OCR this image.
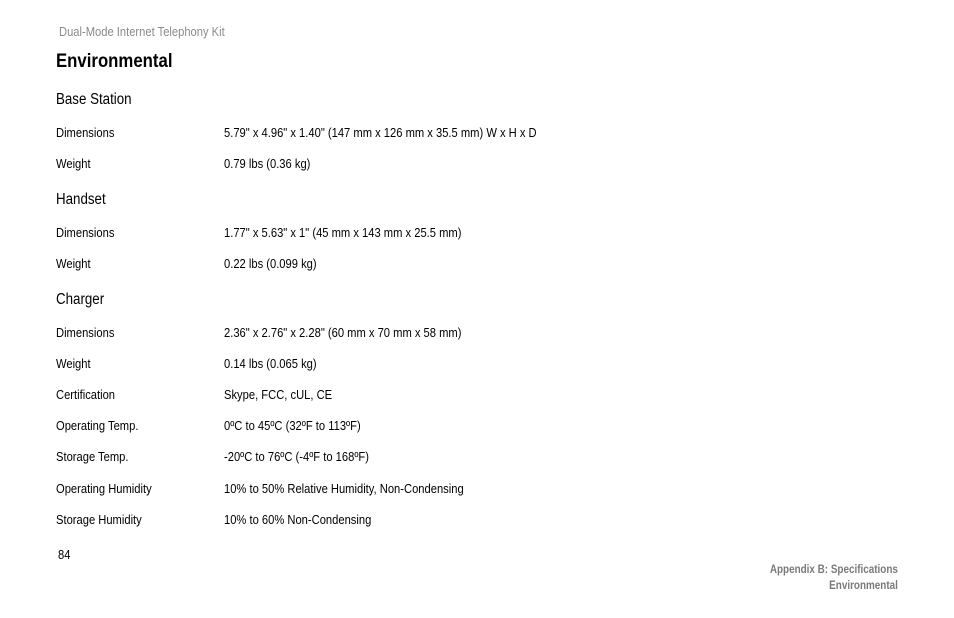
Dual-Mode Internet Telephony Kit
Environmental
Base Station
Dimensions	5.79" x 4.96" x 1.40" (147 mm x 126 mm x 35.5 mm) W x H x D
Weight	0.79 lbs (0.36 kg)
Handset
Dimensions	1.77" x 5.63" x 1" (45 mm x 143 mm x 25.5 mm)
Weight	0.22 lbs (0.099 kg)
Charger
Dimensions	2.36" x 2.76" x 2.28" (60 mm x 70 mm x 58 mm)
Weight	0.14 lbs (0.065 kg)
Certification	Skype, FCC, cUL, CE
Operating Temp.	0ºC to 45ºC (32ºF to 113ºF)
Storage Temp.	-20ºC to 76ºC (-4ºF to 168ºF)
Operating Humidity	10% to 50% Relative Humidity, Non-Condensing
Storage Humidity	10% to 60% Non-Condensing
84
Appendix B: Specifications
Environmental
